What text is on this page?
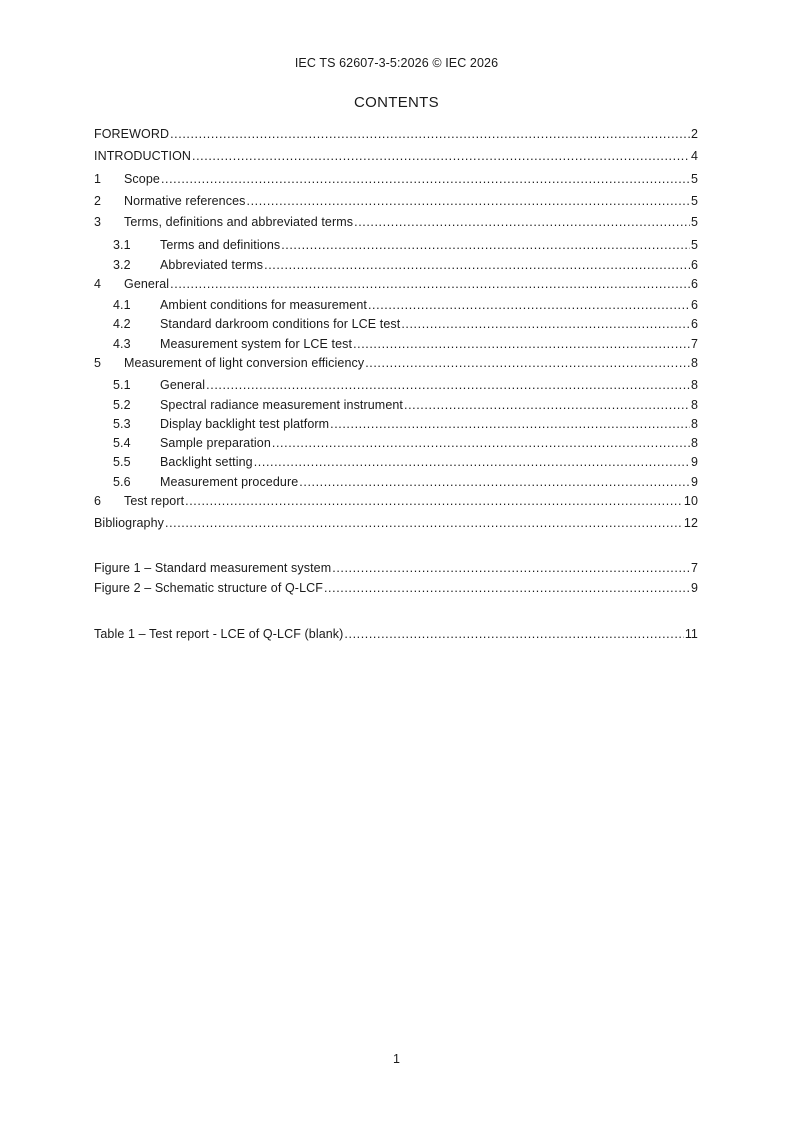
IEC TS 62607-3-5:2026 © IEC 2026
CONTENTS
FOREWORD .....	2
INTRODUCTION .....	4
1	Scope .....	5
2	Normative references .....	5
3	Terms, definitions and abbreviated terms .....	5
3.1	Terms and definitions .....	5
3.2	Abbreviated terms .....	6
4	General .....	6
4.1	Ambient conditions for measurement .....	6
4.2	Standard darkroom conditions for LCE test .....	6
4.3	Measurement system for LCE test .....	7
5	Measurement of light conversion efficiency .....	8
5.1	General .....	8
5.2	Spectral radiance measurement instrument .....	8
5.3	Display backlight test platform .....	8
5.4	Sample preparation .....	8
5.5	Backlight setting .....	9
5.6	Measurement procedure .....	9
6	Test report .....	10
Bibliography .....	12
Figure 1 – Standard measurement system .....	7
Figure 2 – Schematic structure of Q-LCF .....	9
Table 1 – Test report - LCE of Q-LCF (blank) .....	11
1
